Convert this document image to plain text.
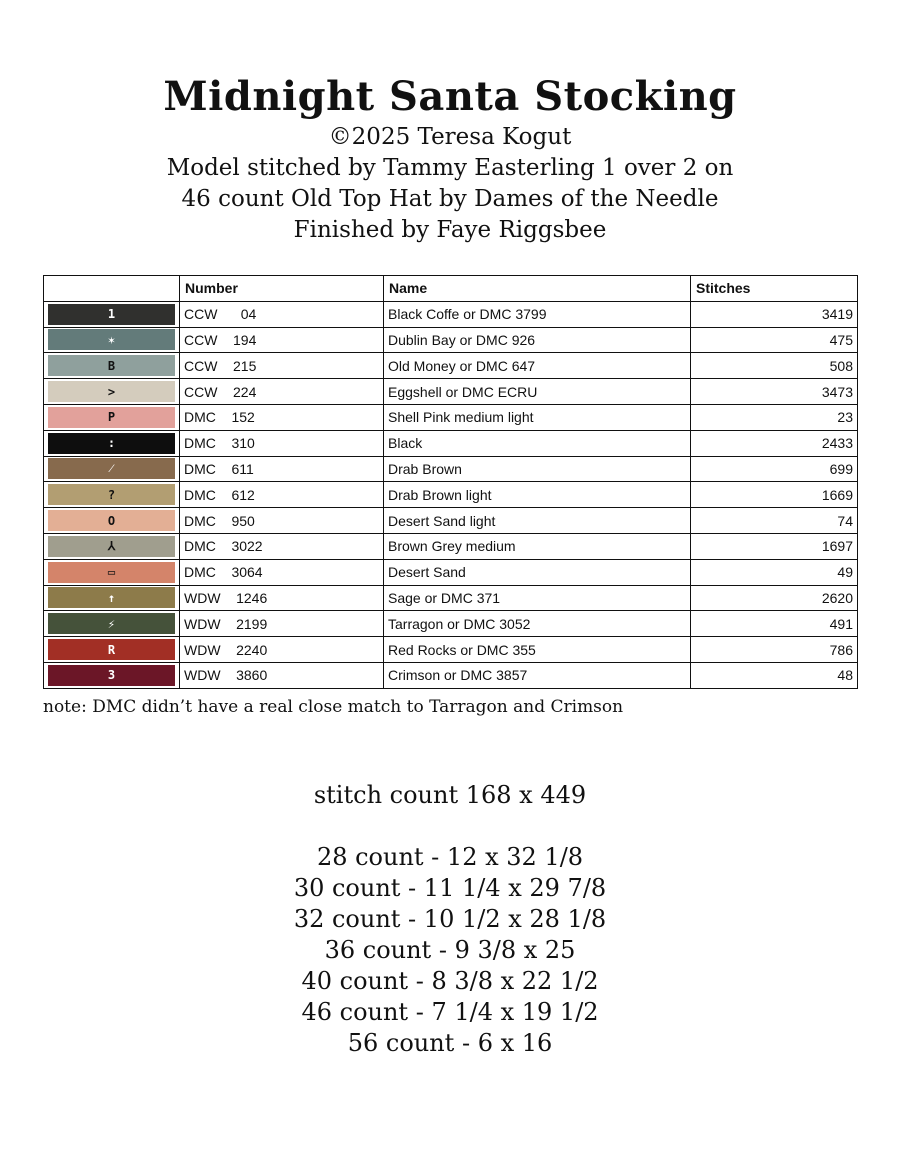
Midnight Santa Stocking

©2025 Teresa Kogut

Model stitched by Tammy Easterling 1 over 2 on

46 count Old Top Hat by Dames of the Needle

Finished by Faye Riggsbee

	Number	Name	Stitches

1	CCW      04	Black Coffe or DMC 3799	3419

✶	CCW    194	Dublin Bay or DMC 926	475

B	CCW    215	Old Money or DMC 647	508

>	CCW    224	Eggshell or DMC ECRU	3473

P	DMC    152	Shell Pink medium light	23

:	DMC    310	Black	2433

⁄	DMC    611	Drab Brown	699

?	DMC    612	Drab Brown light	1669

O	DMC    950	Desert Sand light	74

⅄	DMC    3022	Brown Grey medium	1697

▭	DMC    3064	Desert Sand	49

↑	WDW    1246	Sage or DMC 371	2620

⚡	WDW    2199	Tarragon or DMC 3052	491

R	WDW    2240	Red Rocks or DMC 355	786

3	WDW    3860	Crimson or DMC 3857	48

note: DMC didn’t have a real close match to Tarragon and Crimson

stitch count 168 x 449

28 count - 12 x 32 1/8

30 count - 11 1/4 x 29 7/8

32 count - 10 1/2 x 28 1/8

36 count - 9 3/8 x 25

40 count - 8 3/8 x 22 1/2

46 count - 7 1/4 x 19 1/2

56 count - 6 x 16
